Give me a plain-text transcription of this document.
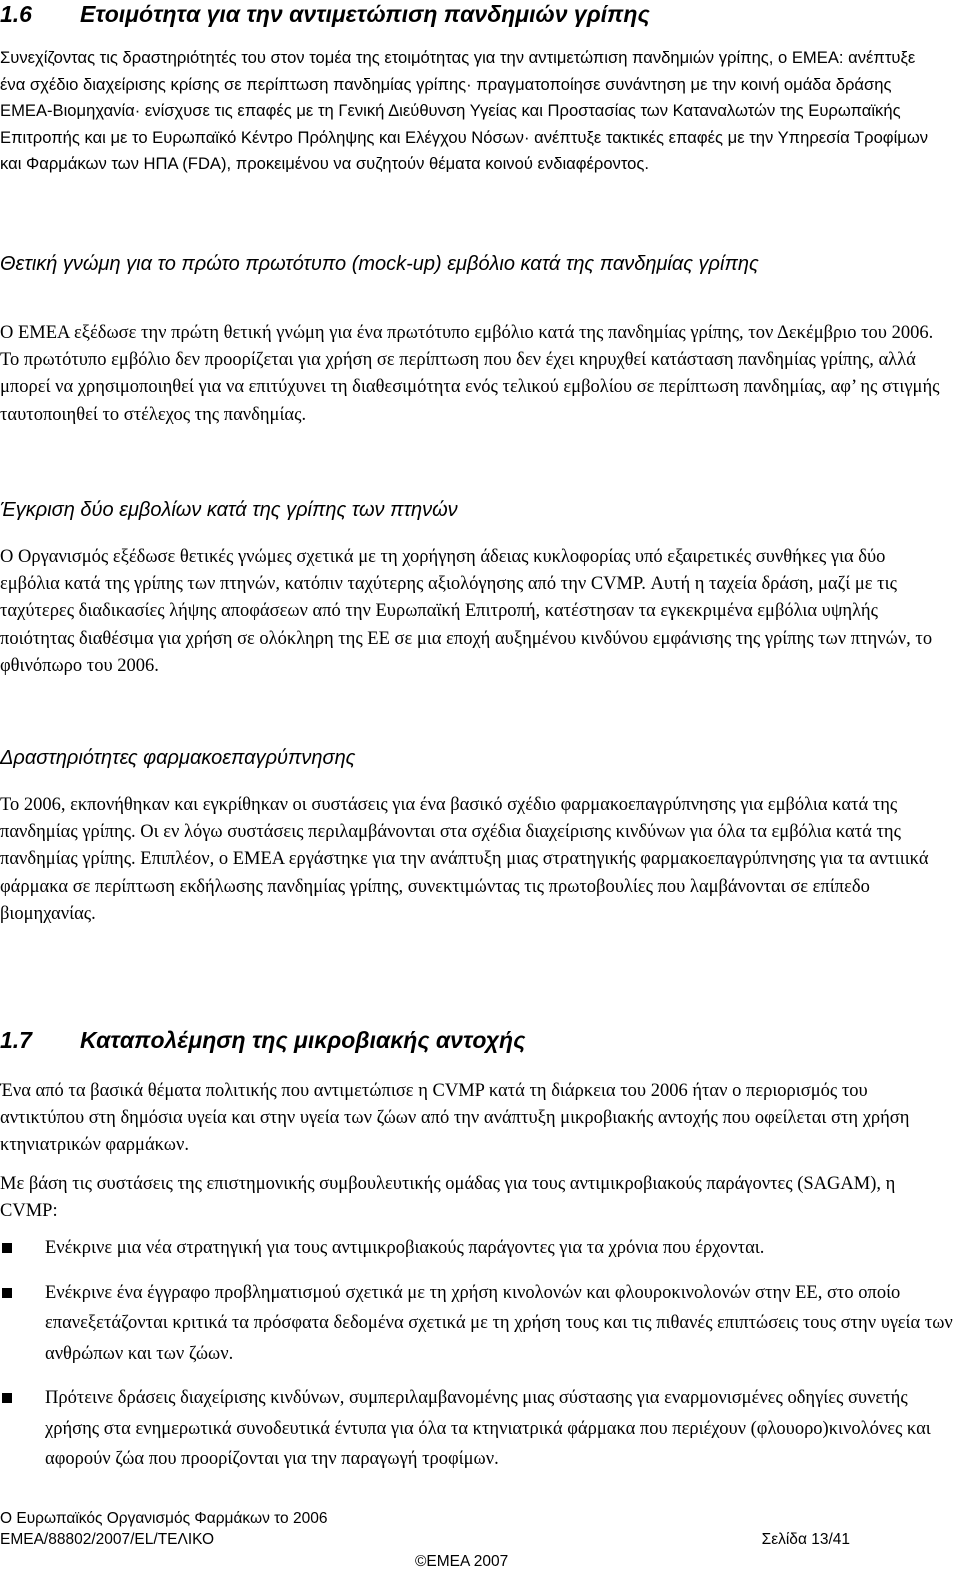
1.6 Ετοιμότητα για την αντιμετώπιση πανδημιών γρίπης

Συνεχίζοντας τις δραστηριότητές του στον τομέα της ετοιμότητας για την αντιμετώπιση πανδημιών γρίπης, ο EMEA: ανέπτυξε ένα σχέδιο διαχείρισης κρίσης σε περίπτωση πανδημίας γρίπης· πραγματοποίησε συνάντηση με την κοινή ομάδα δράσης EMEA-Βιομηχανία· ενίσχυσε τις επαφές με τη Γενική Διεύθυνση Υγείας και Προστασίας των Καταναλωτών της Ευρωπαϊκής Επιτροπής και με το Ευρωπαϊκό Κέντρο Πρόληψης και Ελέγχου Νόσων· ανέπτυξε τακτικές επαφές με την Υπηρεσία Τροφίμων και Φαρμάκων των ΗΠΑ (FDA), προκειμένου να συζητούν θέματα κοινού ενδιαφέροντος.

Θετική γνώμη για το πρώτο πρωτότυπο (mock-up) εμβόλιο κατά της πανδημίας γρίπης

Ο EMEA εξέδωσε την πρώτη θετική γνώμη για ένα πρωτότυπο εμβόλιο κατά της πανδημίας γρίπης, τον Δεκέμβριο του 2006. Το πρωτότυπο εμβόλιο δεν προορίζεται για χρήση σε περίπτωση που δεν έχει κηρυχθεί κατάσταση πανδημίας γρίπης, αλλά μπορεί να χρησιμοποιηθεί για να επιτύχυνει τη διαθεσιμότητα ενός τελικού εμβολίου σε περίπτωση πανδημίας, αφ’ ης στιγμής ταυτοποιηθεί το στέλεχος της πανδημίας.

Έγκριση δύο εμβολίων κατά της γρίπης των πτηνών

Ο Οργανισμός εξέδωσε θετικές γνώμες σχετικά με τη χορήγηση άδειας κυκλοφορίας υπό εξαιρετικές συνθήκες για δύο εμβόλια κατά της γρίπης των πτηνών, κατόπιν ταχύτερης αξιολόγησης από την CVMP. Αυτή η ταχεία δράση, μαζί με τις ταχύτερες διαδικασίες λήψης αποφάσεων από την Ευρωπαϊκή Επιτροπή, κατέστησαν τα εγκεκριμένα εμβόλια υψηλής ποιότητας διαθέσιμα για χρήση σε ολόκληρη της ΕΕ σε μια εποχή αυξημένου κινδύνου εμφάνισης της γρίπης των πτηνών, το φθινόπωρο του 2006.

Δραστηριότητες φαρμακοεπαγρύπνησης

Το 2006, εκπονήθηκαν και εγκρίθηκαν οι συστάσεις για ένα βασικό σχέδιο φαρμακοεπαγρύπνησης για εμβόλια κατά της πανδημίας γρίπης. Οι εν λόγω συστάσεις περιλαμβάνονται στα σχέδια διαχείρισης κινδύνων για όλα τα εμβόλια κατά της πανδημίας γρίπης. Επιπλέον, ο EMEA εργάστηκε για την ανάπτυξη μιας στρατηγικής φαρμακοεπαγρύπνησης για τα αντιιικά φάρμακα σε περίπτωση εκδήλωσης πανδημίας γρίπης, συνεκτιμώντας τις πρωτοβουλίες που λαμβάνονται σε επίπεδο βιομηχανίας.

1.7 Καταπολέμηση της μικροβιακής αντοχής

Ένα από τα βασικά θέματα πολιτικής που αντιμετώπισε η CVMP κατά τη διάρκεια του 2006 ήταν ο περιορισμός του αντικτύπου στη δημόσια υγεία και στην υγεία των ζώων από την ανάπτυξη μικροβιακής αντοχής που οφείλεται στη χρήση κτηνιατρικών φαρμάκων.

Με βάση τις συστάσεις της επιστημονικής συμβουλευτικής ομάδας για τους αντιμικροβιακούς παράγοντες (SAGAM), η CVMP:

Ενέκρινε μια νέα στρατηγική για τους αντιμικροβιακούς παράγοντες για τα χρόνια που έρχονται.
Ενέκρινε ένα έγγραφο προβληματισμού σχετικά με τη χρήση κινολονών και φλουροκινολονών στην ΕΕ, στο οποίο επανεξετάζονται κριτικά τα πρόσφατα δεδομένα σχετικά με τη χρήση τους και τις πιθανές επιπτώσεις τους στην υγεία των ανθρώπων και των ζώων.
Πρότεινε δράσεις διαχείρισης κινδύνων, συμπεριλαμβανομένης μιας σύστασης για εναρμονισμένες οδηγίες συνετής χρήσης στα ενημερωτικά συνοδευτικά έντυπα για όλα τα κτηνιατρικά φάρμακα που περιέχουν (φλουορο)κινολόνες και αφορούν ζώα που προορίζονται για την παραγωγή τροφίμων.
Ο Ευρωπαϊκός Οργανισμός Φαρμάκων το 2006
EMEA/88802/2007/EL/ΤΕΛΙΚΟ	Σελίδα 13/41
©EMEA 2007
